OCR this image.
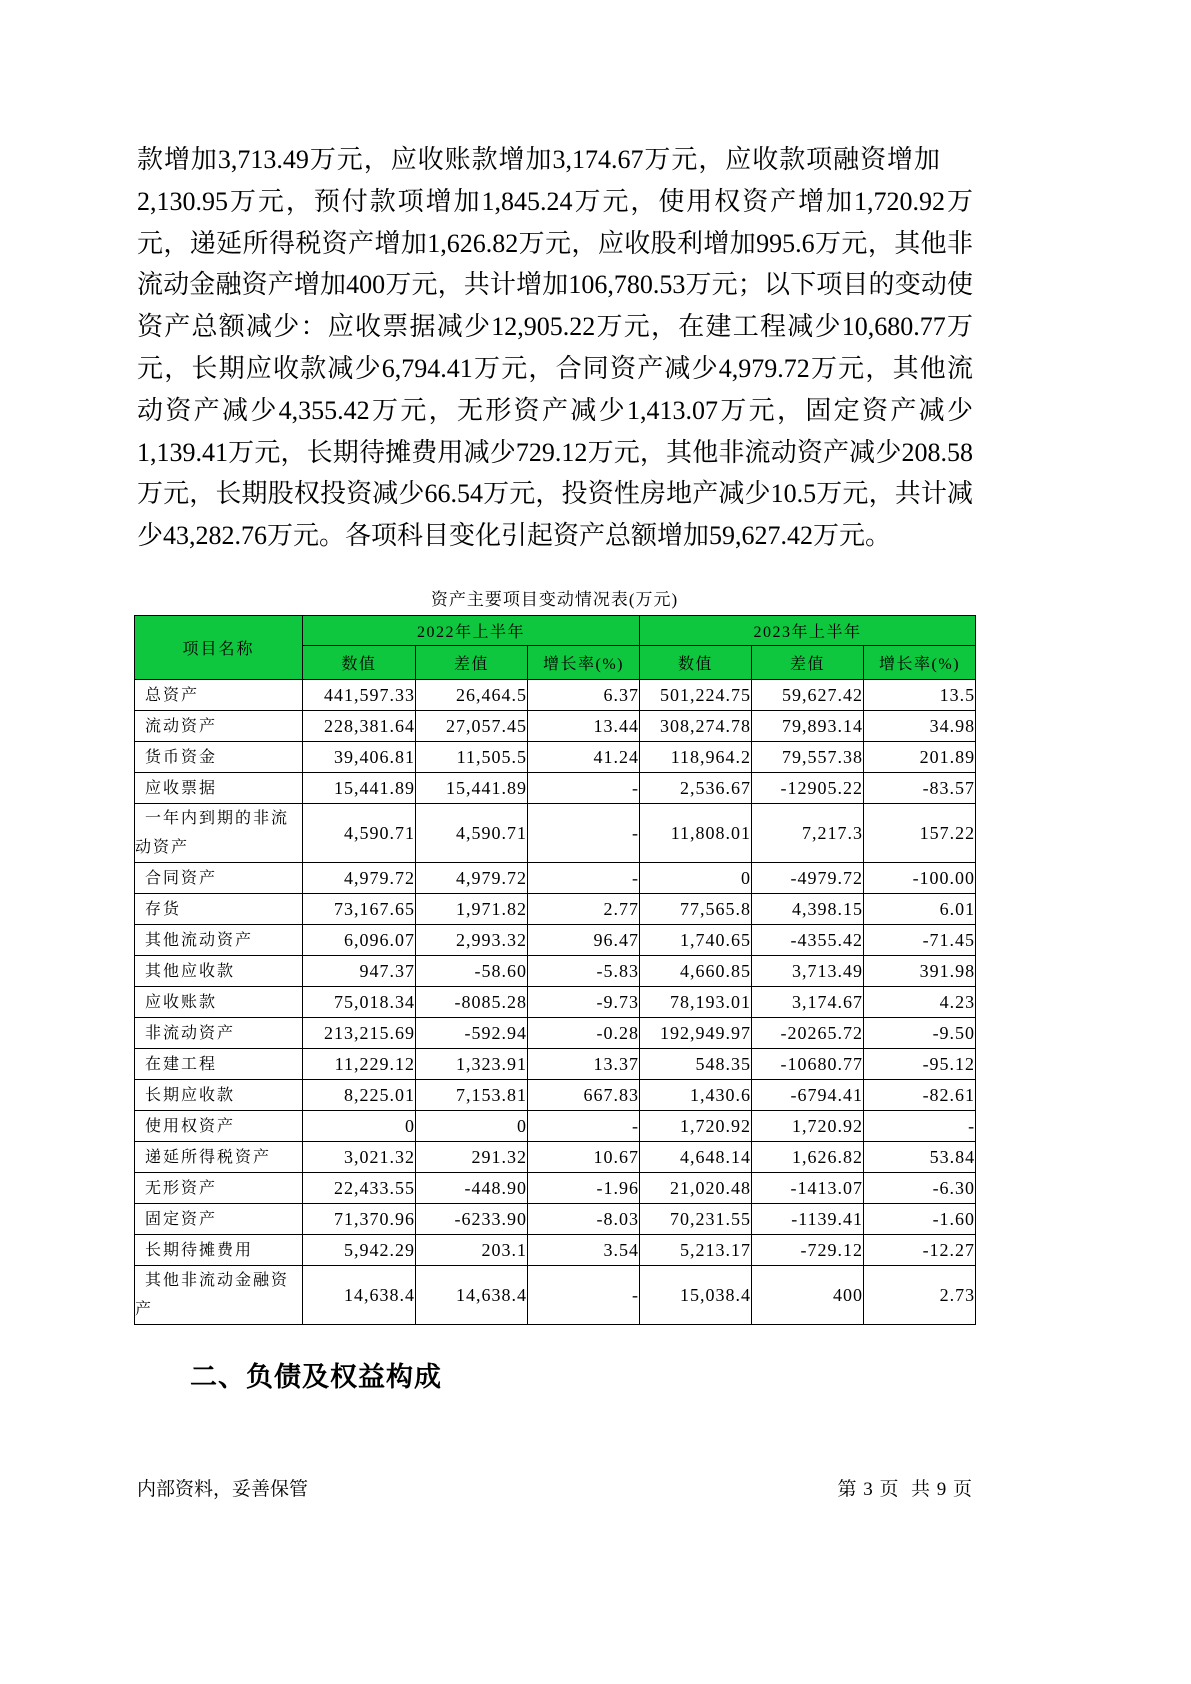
款增加3,713.49万元，应收账款增加3,174.67万元，应收款项融资增加
2,130.95万元，预付款项增加1,845.24万元，使用权资产增加1,720.92万
元，递延所得税资产增加1,626.82万元，应收股利增加995.6万元，其他非
流动金融资产增加400万元，共计增加106,780.53万元；以下项目的变动使
资产总额减少：应收票据减少12,905.22万元，在建工程减少10,680.77万
元，长期应收款减少6,794.41万元，合同资产减少4,979.72万元，其他流
动资产减少4,355.42万元，无形资产减少1,413.07万元，固定资产减少
1,139.41万元，长期待摊费用减少729.12万元，其他非流动资产减少208.58
万元，长期股权投资减少66.54万元，投资性房地产减少10.5万元，共计减
少43,282.76万元。各项科目变化引起资产总额增加59,627.42万元。
资产主要项目变动情况表(万元)
项目名称	2022年上半年			2023年上半年		
	数值	差值	增长率(%)	数值	差值	增长率(%)
总资产	441,597.33	26,464.5	6.37	501,224.75	59,627.42	13.5
流动资产	228,381.64	27,057.45	13.44	308,274.78	79,893.14	34.98
货币资金	39,406.81	11,505.5	41.24	118,964.2	79,557.38	201.89
应收票据	15,441.89	15,441.89	-	2,536.67	-12905.22	-83.57
一年内到期的非流动资产	4,590.71	4,590.71	-	11,808.01	7,217.3	157.22
合同资产	4,979.72	4,979.72	-	0	-4979.72	-100.00
存货	73,167.65	1,971.82	2.77	77,565.8	4,398.15	6.01
其他流动资产	6,096.07	2,993.32	96.47	1,740.65	-4355.42	-71.45
其他应收款	947.37	-58.60	-5.83	4,660.85	3,713.49	391.98
应收账款	75,018.34	-8085.28	-9.73	78,193.01	3,174.67	4.23
非流动资产	213,215.69	-592.94	-0.28	192,949.97	-20265.72	-9.50
在建工程	11,229.12	1,323.91	13.37	548.35	-10680.77	-95.12
长期应收款	8,225.01	7,153.81	667.83	1,430.6	-6794.41	-82.61
使用权资产	0	0	-	1,720.92	1,720.92	-
递延所得税资产	3,021.32	291.32	10.67	4,648.14	1,626.82	53.84
无形资产	22,433.55	-448.90	-1.96	21,020.48	-1413.07	-6.30
固定资产	71,370.96	-6233.90	-8.03	70,231.55	-1139.41	-1.60
长期待摊费用	5,942.29	203.1	3.54	5,213.17	-729.12	-12.27
其他非流动金融资产	14,638.4	14,638.4	-	15,038.4	400	2.73
二、负债及权益构成
内部资料，妥善保管	第 3 页  共 9 页
